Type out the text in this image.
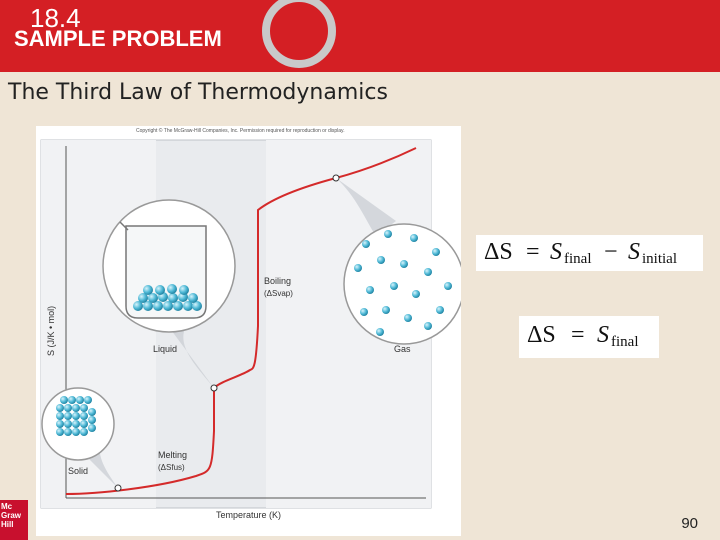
18.4
SAMPLE PROBLEM
The Third Law of Thermodynamics
Copyright © The McGraw-Hill Companies, Inc. Permission required for reproduction or display.
S (J/K • mol)
Temperature (K)
Liquid	Gas
Boiling
(ΔSvap)
Solid
Melting
(ΔSfus)
ΔS = S final − S initial
ΔS = S final
Mc
Graw
Hill	90
